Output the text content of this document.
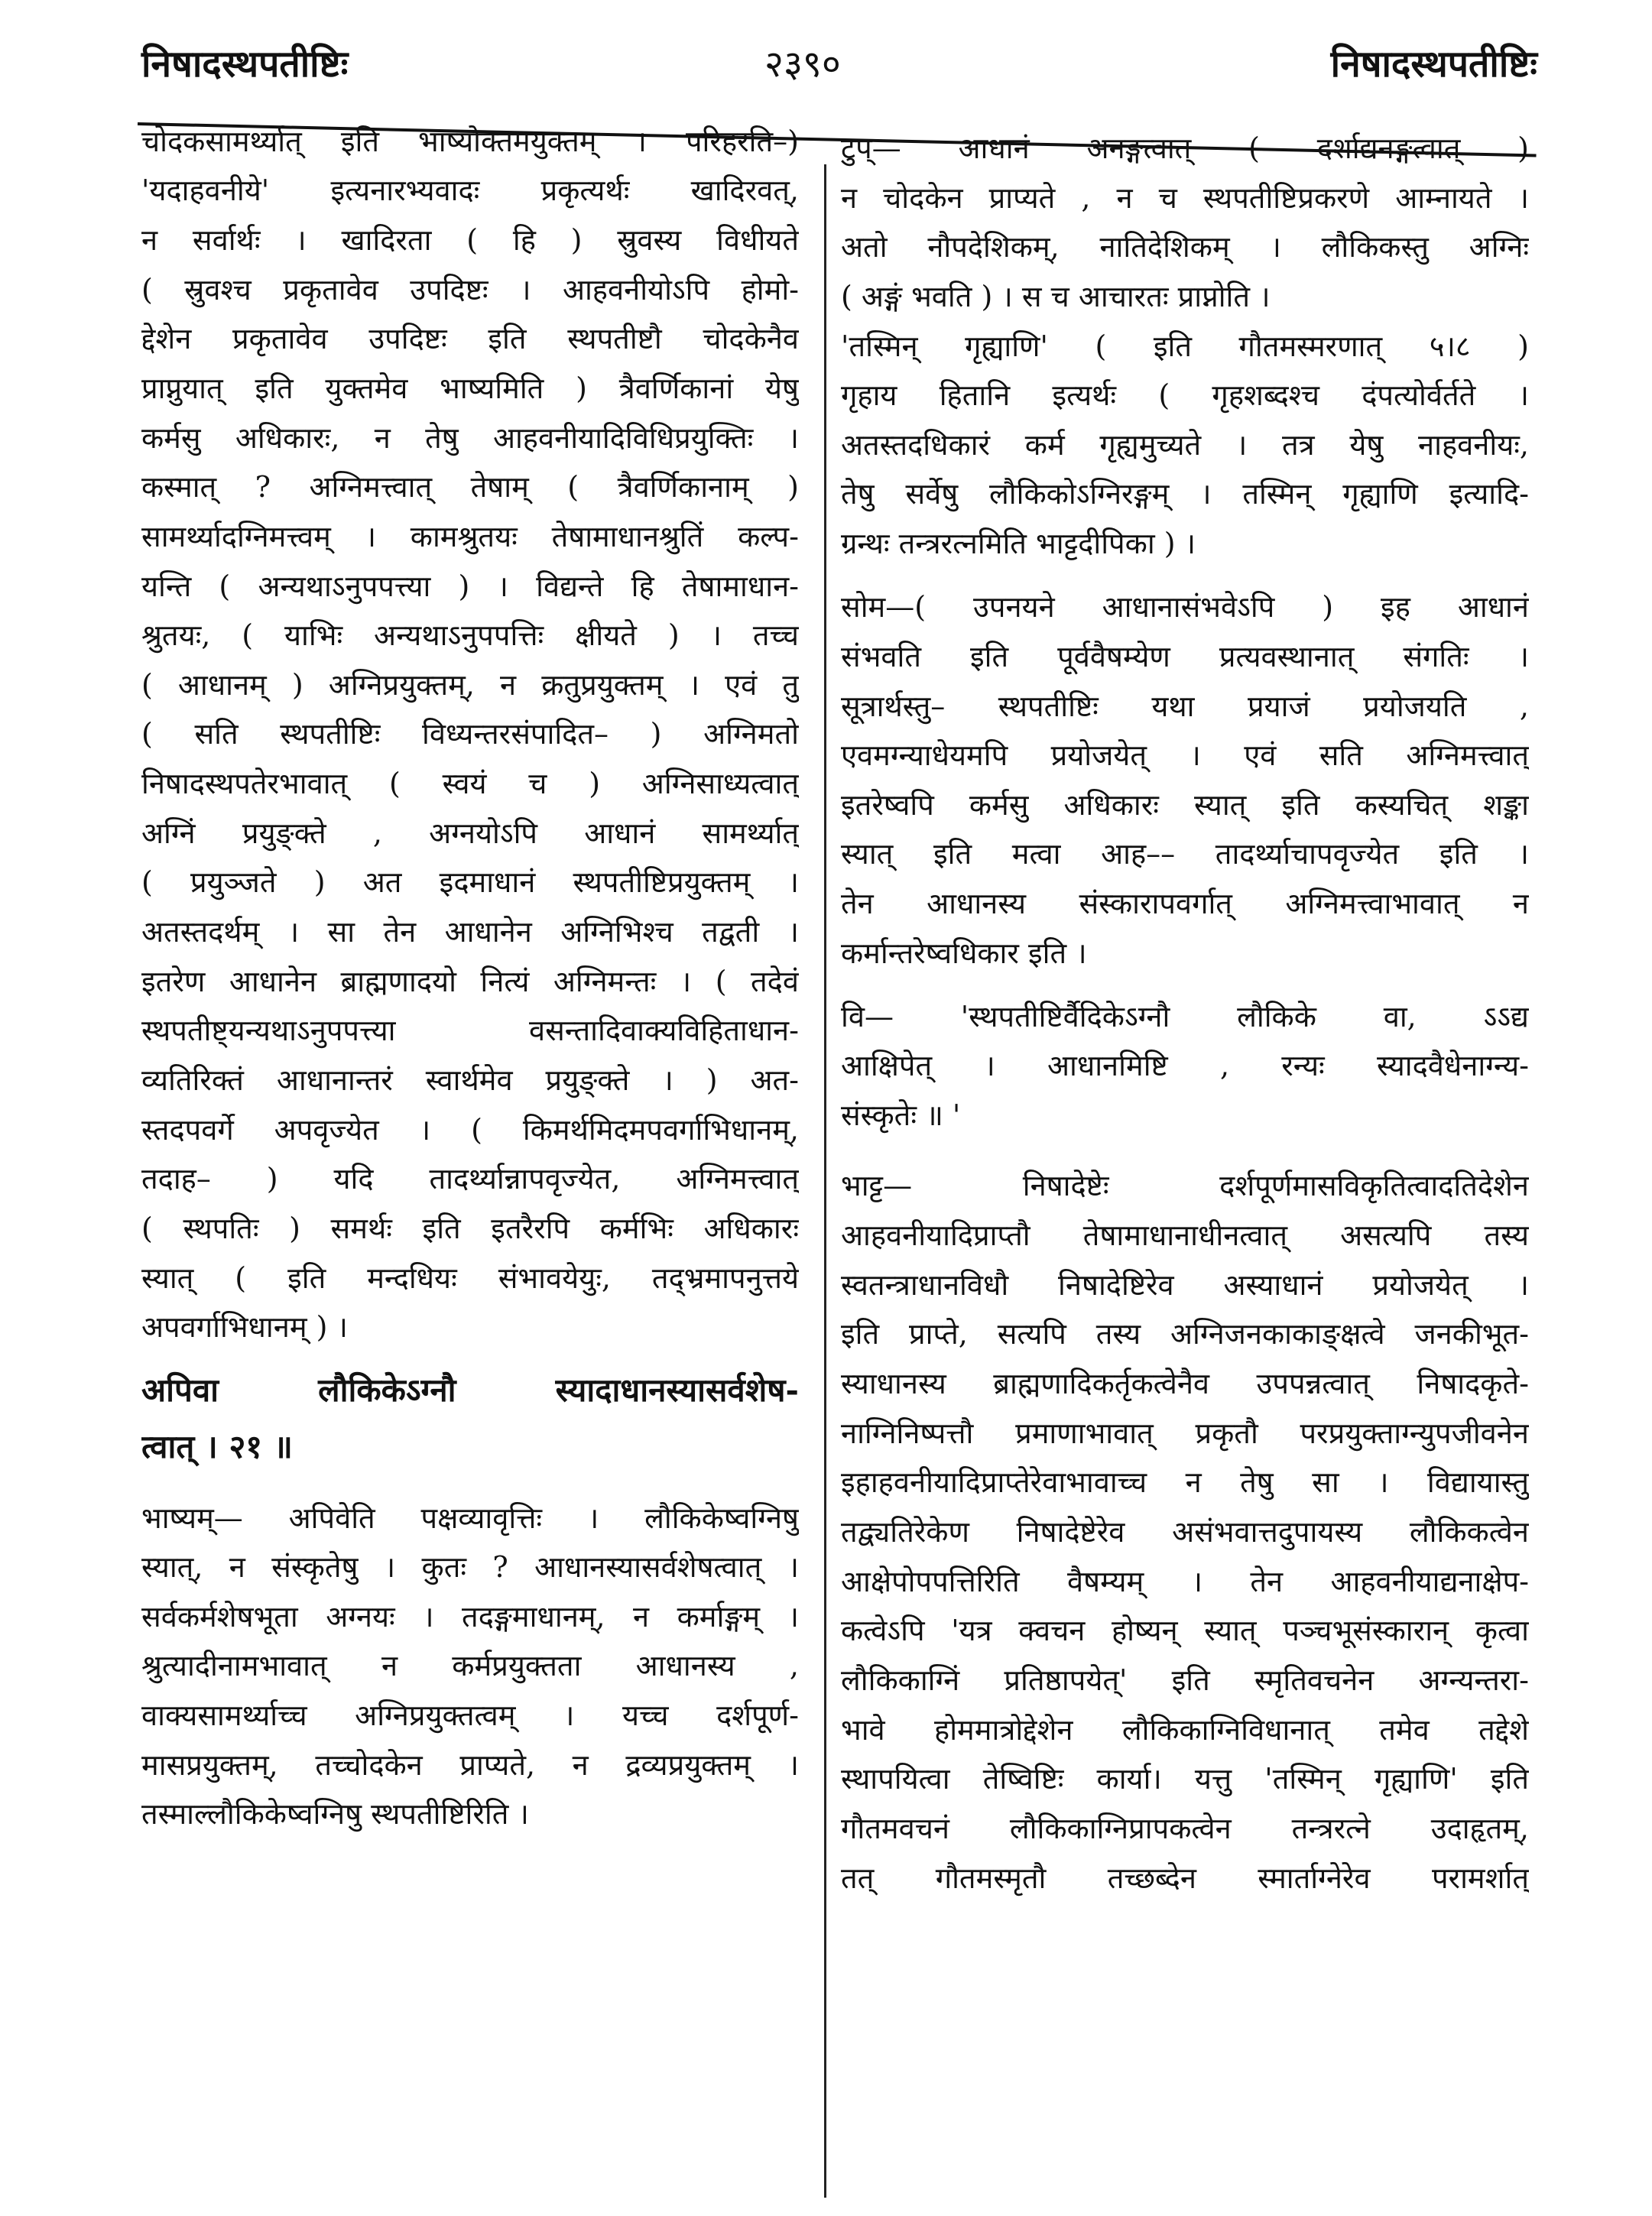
निषादस्थपतीष्टिः	२३९०	निषादस्थपतीष्टिः
चोदकसामर्थ्यात् इति भाष्योक्तमयुक्तम् । परिहरति–)
'यदाहवनीये' इत्यनारभ्यवादः प्रकृत्यर्थः खादिरवत्,
न सर्वार्थः । खादिरता ( हि ) स्रुवस्य विधीयते
( स्रुवश्च प्रकृतावेव उपदिष्टः । आहवनीयोऽपि होमो-
द्देशेन प्रकृतावेव उपदिष्टः इति स्थपतीष्टौ चोदकेनैव
प्राप्नुयात् इति युक्तमेव भाष्यमिति ) त्रैवर्णिकानां येषु
कर्मसु अधिकारः, न तेषु आहवनीयादिविधिप्रयुक्तिः ।
कस्मात् ? अग्निमत्त्वात् तेषाम् ( त्रैवर्णिकानाम् )
सामर्थ्यादग्निमत्त्वम् । कामश्रुतयः तेषामाधानश्रुतिं कल्प-
यन्ति ( अन्यथाऽनुपपत्त्या ) । विद्यन्ते हि तेषामाधान-
श्रुतयः, ( याभिः अन्यथाऽनुपपत्तिः क्षीयते ) । तच्च
( आधानम् ) अग्निप्रयुक्तम्, न क्रतुप्रयुक्तम् । एवं तु
( सति स्थपतीष्टिः विध्यन्तरसंपादित– ) अग्निमतो
निषादस्थपतेरभावात् ( स्वयं च ) अग्निसाध्यत्वात्
अग्निं प्रयुङ्क्ते , अग्नयोऽपि आधानं सामर्थ्यात्
( प्रयुञ्जते ) अत इदमाधानं स्थपतीष्टिप्रयुक्तम् ।
अतस्तदर्थम् । सा तेन आधानेन अग्निभिश्च तद्वती ।
इतरेण आधानेन ब्राह्मणादयो नित्यं अग्निमन्तः । ( तदेवं
स्थपतीष्ट्यन्यथाऽनुपपत्त्या वसन्तादिवाक्यविहिताधान-
व्यतिरिक्तं आधानान्तरं स्वार्थमेव प्रयुङ्क्ते । ) अत-
स्तदपवर्गे अपवृज्येत । ( किमर्थमिदमपवर्गाभिधानम्,
तदाह– ) यदि तादर्थ्यान्नापवृज्येत, अग्निमत्त्वात्
( स्थपतिः ) समर्थः इति इतरैरपि कर्मभिः अधिकारः
स्यात् ( इति मन्दधियः संभावयेयुः, तद्भ्रमापनुत्तये
अपवर्गाभिधानम् ) ।
अपिवा लौकिकेऽग्नौ स्यादाधानस्यासर्वशेष-
त्वात् । २१ ॥
भाष्यम्— अपिवेति पक्षव्यावृत्तिः । लौकिकेष्वग्निषु
स्यात्, न संस्कृतेषु । कुतः ? आधानस्यासर्वशेषत्वात् ।
सर्वकर्मशेषभूता अग्नयः । तदङ्गमाधानम्, न कर्माङ्गम् ।
श्रुत्यादीनामभावात् न कर्मप्रयुक्तता आधानस्य ,
वाक्यसामर्थ्याच्च अग्निप्रयुक्तत्वम् । यच्च दर्शपूर्ण-
मासप्रयुक्तम्, तच्चोदकेन प्राप्यते, न द्रव्यप्रयुक्तम् ।
तस्माल्लौकिकेष्वग्निषु स्थपतीष्टिरिति ।
टुप्— आधानं अनङ्गत्वात् ( दर्शाद्यनङ्गत्वात् )
न चोदकेन प्राप्यते , न च स्थपतीष्टिप्रकरणे आम्नायते ।
अतो नौपदेशिकम्, नातिदेशिकम् । लौकिकस्तु अग्निः
( अङ्गं भवति ) । स च आचारतः प्राप्नोति ।
'तस्मिन् गृह्याणि' ( इति गौतमस्मरणात् ५।८ )
गृहाय हितानि इत्यर्थः ( गृहशब्दश्च दंपत्योर्वर्तते ।
अतस्तदधिकारं कर्म गृह्यमुच्यते । तत्र येषु नाहवनीयः,
तेषु सर्वेषु लौकिकोऽग्निरङ्गम् । तस्मिन् गृह्याणि इत्यादि-
ग्रन्थः तन्त्ररत्नमिति भाट्टदीपिका ) ।
सोम—( उपनयने आधानासंभवेऽपि ) इह आधानं
संभवति इति पूर्ववैषम्येण प्रत्यवस्थानात् संगतिः ।
सूत्रार्थस्तु– स्थपतीष्टिः यथा प्रयाजं प्रयोजयति ,
एवमग्न्याधेयमपि प्रयोजयेत् । एवं सति अग्निमत्त्वात्
इतरेष्वपि कर्मसु अधिकारः स्यात् इति कस्यचित् शङ्का
स्यात् इति मत्वा आह–– तादर्थ्याचापवृज्येत इति ।
तेन आधानस्य संस्कारापवर्गात् अग्निमत्त्वाभावात् न
कर्मान्तरेष्वधिकार इति ।
वि— 'स्थपतीष्टिर्वैदिकेऽग्नौ लौकिके वा, ऽऽद्य
आक्षिपेत् । आधानमिष्टि , रन्यः स्यादवैधेनाग्न्य-
संस्कृतेः ॥ '
भाट्ट— निषादेष्टेः दर्शपूर्णमासविकृतित्वादतिदेशेन
आहवनीयादिप्राप्तौ तेषामाधानाधीनत्वात् असत्यपि तस्य
स्वतन्त्राधानविधौ निषादेष्टिरेव अस्याधानं प्रयोजयेत् ।
इति प्राप्ते, सत्यपि तस्य अग्निजनकाकाङ्क्षत्वे जनकीभूत-
स्याधानस्य ब्राह्मणादिकर्तृकत्वेनैव उपपन्नत्वात् निषादकृते-
नाग्निनिष्पत्तौ प्रमाणाभावात् प्रकृतौ परप्रयुक्ताग्न्युपजीवनेन
इहाहवनीयादिप्राप्तेरेवाभावाच्च न तेषु सा । विद्यायास्तु
तद्व्यतिरेकेण निषादेष्टेरेव असंभवात्तदुपायस्य लौकिकत्वेन
आक्षेपोपपत्तिरिति वैषम्यम् । तेन आहवनीयाद्यनाक्षेप-
कत्वेऽपि 'यत्र क्वचन होष्यन् स्यात् पञ्चभूसंस्कारान् कृत्वा
लौकिकाग्निं प्रतिष्ठापयेत्' इति स्मृतिवचनेन अग्न्यन्तरा-
भावे होममात्रोद्देशेन लौकिकाग्निविधानात् तमेव तद्देशे
स्थापयित्वा तेष्विष्टिः कार्या। यत्तु 'तस्मिन् गृह्याणि' इति
गौतमवचनं लौकिकाग्निप्रापकत्वेन तन्त्ररत्ने उदाहृतम्,
तत् गौतमस्मृतौ तच्छब्देन स्मार्ताग्नेरेव परामर्शात्
